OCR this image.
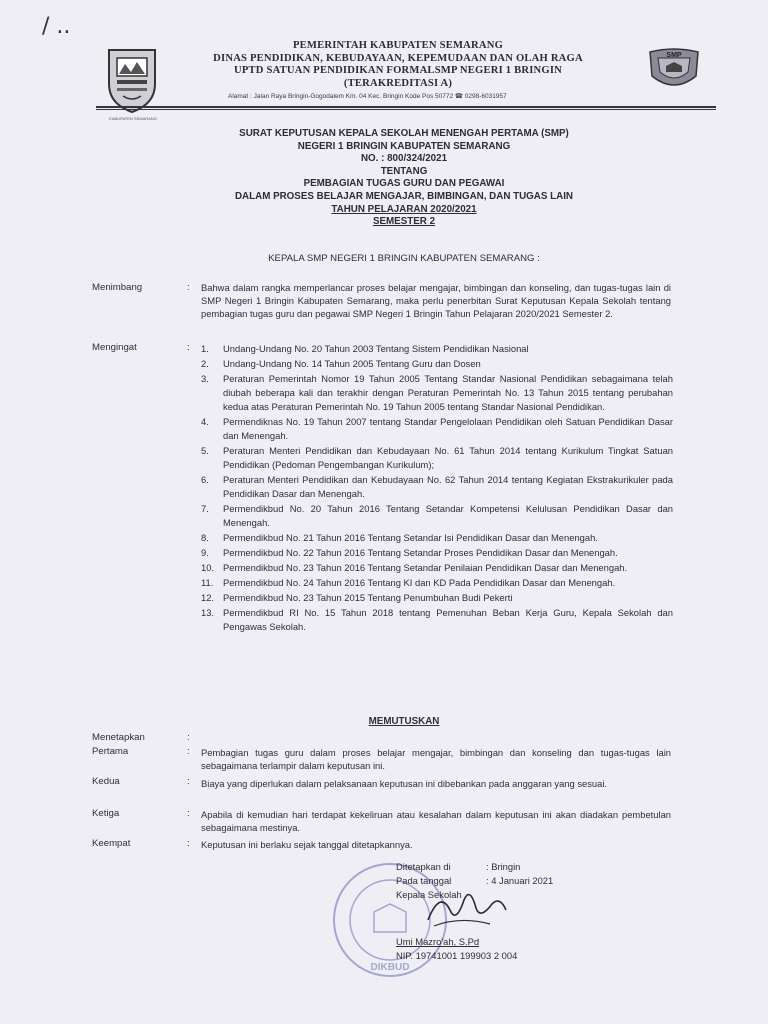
/ ..
KABUPATEN SEMARANG
SMP
PEMERINTAH KABUPATEN SEMARANG
DINAS PENDIDIKAN, KEBUDAYAAN, KEPEMUDAAN DAN OLAH RAGA
UPTD SATUAN PENDIDIKAN FORMALSMP NEGERI 1 BRINGIN
(TERAKREDITASI A)
Alamat : Jalan Raya Bringin-Gogodalem Km. 04 Kec. Bringin Kode Pos 50772 ☎ 0298-6031957
SURAT KEPUTUSAN KEPALA SEKOLAH MENENGAH PERTAMA (SMP)
NEGERI 1 BRINGIN KABUPATEN SEMARANG
NO. : 800/324/2021
TENTANG
PEMBAGIAN TUGAS GURU DAN PEGAWAI
DALAM PROSES BELAJAR MENGAJAR, BIMBINGAN, DAN TUGAS LAIN
TAHUN PELAJARAN 2020/2021
SEMESTER 2
KEPALA SMP NEGERI 1 BRINGIN KABUPATEN SEMARANG :
Menimbang	: Bahwa dalam rangka memperlancar proses belajar mengajar, bimbingan dan konseling, dan tugas-tugas lain di SMP Negeri 1 Bringin Kabupaten Semarang, maka perlu penerbitan Surat Keputusan Kepala Sekolah tentang pembagian tugas guru dan pegawai SMP Negeri 1 Bringin Tahun Pelajaran 2020/2021 Semester 2.
Mengingat	: 1. Undang-Undang No. 20 Tahun 2003 Tentang Sistem Pendidikan Nasional
2. Undang-Undang No. 14 Tahun 2005 Tentang Guru dan Dosen
3. Peraturan Pemerintah Nomor 19 Tahun 2005 Tentang Standar Nasional Pendidikan sebagaimana telah diubah beberapa kali dan terakhir dengan Peraturan Pemerintah No. 13 Tahun 2015 tentang perubahan kedua atas Peraturan Pemerintah No. 19 Tahun 2005 tentang Standar Nasional Pendidikan.
4. Permendiknas No. 19 Tahun 2007 tentang Standar Pengelolaan Pendidikan oleh Satuan Pendidikan Dasar dan Menengah.
5. Peraturan Menteri Pendidikan dan Kebudayaan No. 61 Tahun 2014 tentang Kurikulum Tingkat Satuan Pendidikan (Pedoman Pengembangan Kurikulum);
6. Peraturan Menteri Pendidikan dan Kebudayaan No. 62 Tahun 2014 tentang Kegiatan Ekstrakurikuler pada Pendidikan Dasar dan Menengah.
7. Permendikbud No. 20 Tahun 2016 Tentang Setandar Kompetensi Kelulusan Pendidikan Dasar dan Menengah.
8. Permendikbud No. 21 Tahun 2016 Tentang Setandar Isi Pendidikan Dasar dan Menengah.
9. Permendikbud No. 22 Tahun 2016 Tentang Setandar Proses Pendidikan Dasar dan Menengah.
10. Permendikbud No. 23 Tahun 2016 Tentang Setandar Penilaian Pendidikan Dasar dan Menengah.
11. Permendikbud No. 24 Tahun 2016 Tentang KI dan KD Pada Pendidikan Dasar dan Menengah.
12. Permendikbud No. 23 Tahun 2015 Tentang Penumbuhan Budi Pekerti
13. Permendikbud RI No. 15 Tahun 2018 tentang Pemenuhan Beban Kerja Guru, Kepala Sekolah dan Pengawas Sekolah.
MEMUTUSKAN
Menetapkan	:
Pertama	: Pembagian tugas guru dalam proses belajar mengajar, bimbingan dan konseling dan tugas-tugas lain sebagaimana terlampir dalam keputusan ini.
Kedua	: Biaya yang diperlukan dalam pelaksanaan keputusan ini dibebankan pada anggaran yang sesuai.
Ketiga	: Apabila di kemudian hari terdapat kekeliruan atau kesalahan dalam keputusan ini akan diadakan pembetulan sebagaimana mestinya.
Keempat	: Keputusan ini berlaku sejak tanggal ditetapkannya.
DIKBUD
Ditetapkan di	: Bringin
Pada tanggal	: 4 Januari 2021
Kepala Sekolah
Umi Mazro'ah, S.Pd
NIP. 19741001 199903 2 004
